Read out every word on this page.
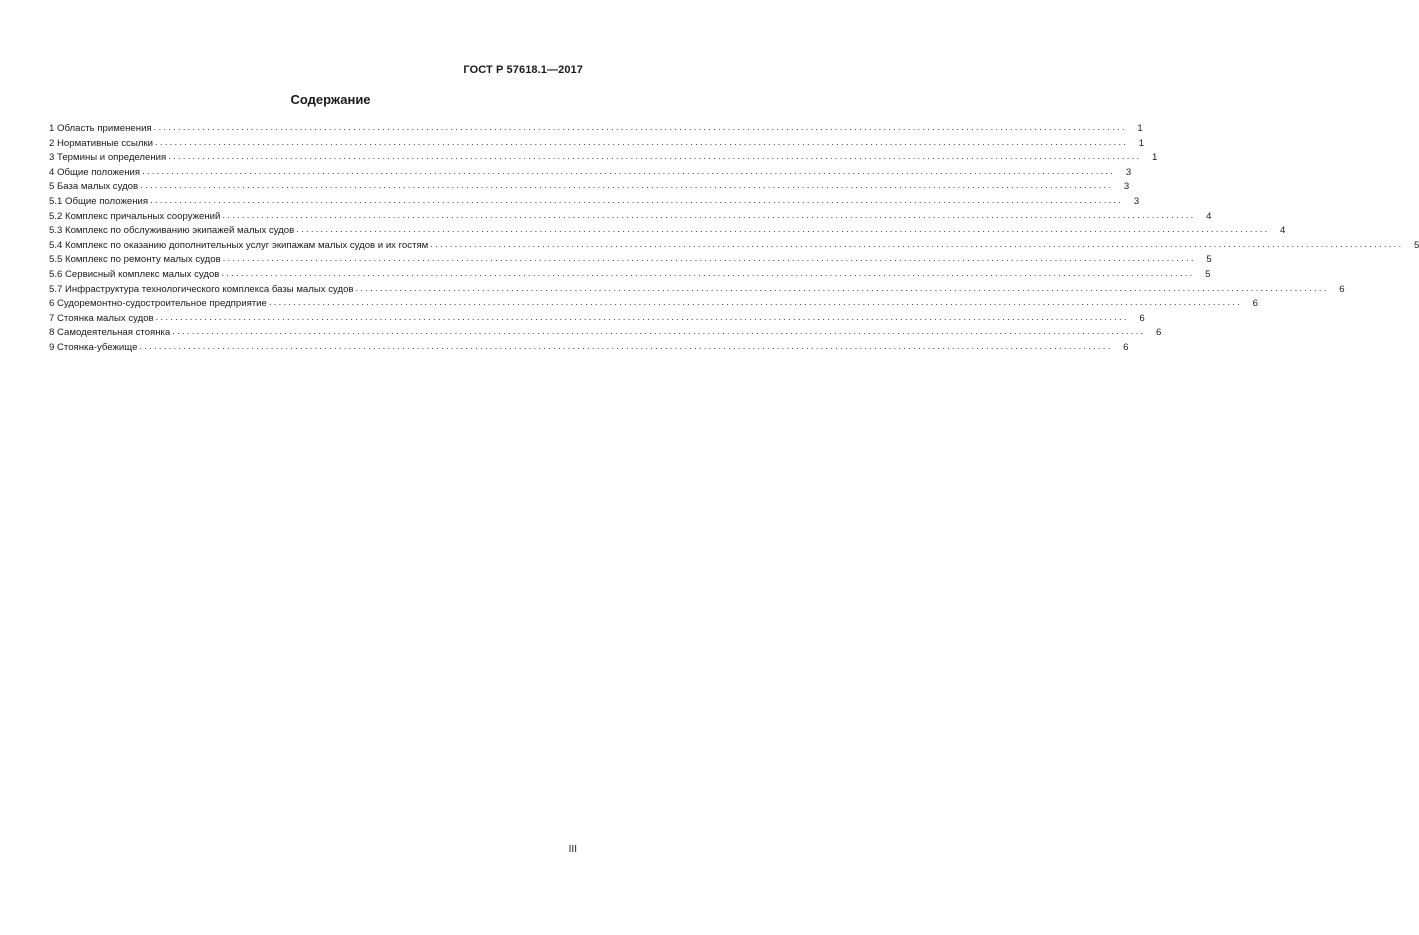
ГОСТ Р 57618.1—2017
Содержание
1 Область применения ........................................................................................................................................................................................................	1
2 Нормативные ссылки ........................................................................................................................................................................................................	1
3 Термины и определения ........................................................................................................................................................................................................	1
4 Общие положения ........................................................................................................................................................................................................	3
5 База малых судов ........................................................................................................................................................................................................	3
5.1 Общие положения ........................................................................................................................................................................................................	3
5.2 Комплекс причальных сооружений ........................................................................................................................................................................................................	4
5.3 Комплекс по обслуживанию экипажей малых судов ........................................................................................................................................................................................................	4
5.4 Комплекс по оказанию дополнительных услуг экипажам малых судов и их гостям ........................................................................................................................................................................................................	5
5.5 Комплекс по ремонту малых судов ........................................................................................................................................................................................................	5
5.6 Сервисный комплекс малых судов ........................................................................................................................................................................................................	5
5.7 Инфраструктура технологического комплекса базы малых судов ........................................................................................................................................................................................................	6
6 Судоремонтно-судостроительное предприятие ........................................................................................................................................................................................................	6
7 Стоянка малых судов ........................................................................................................................................................................................................	6
8 Самодеятельная стоянка ........................................................................................................................................................................................................	6
9 Стоянка-убежище ........................................................................................................................................................................................................	6
III
